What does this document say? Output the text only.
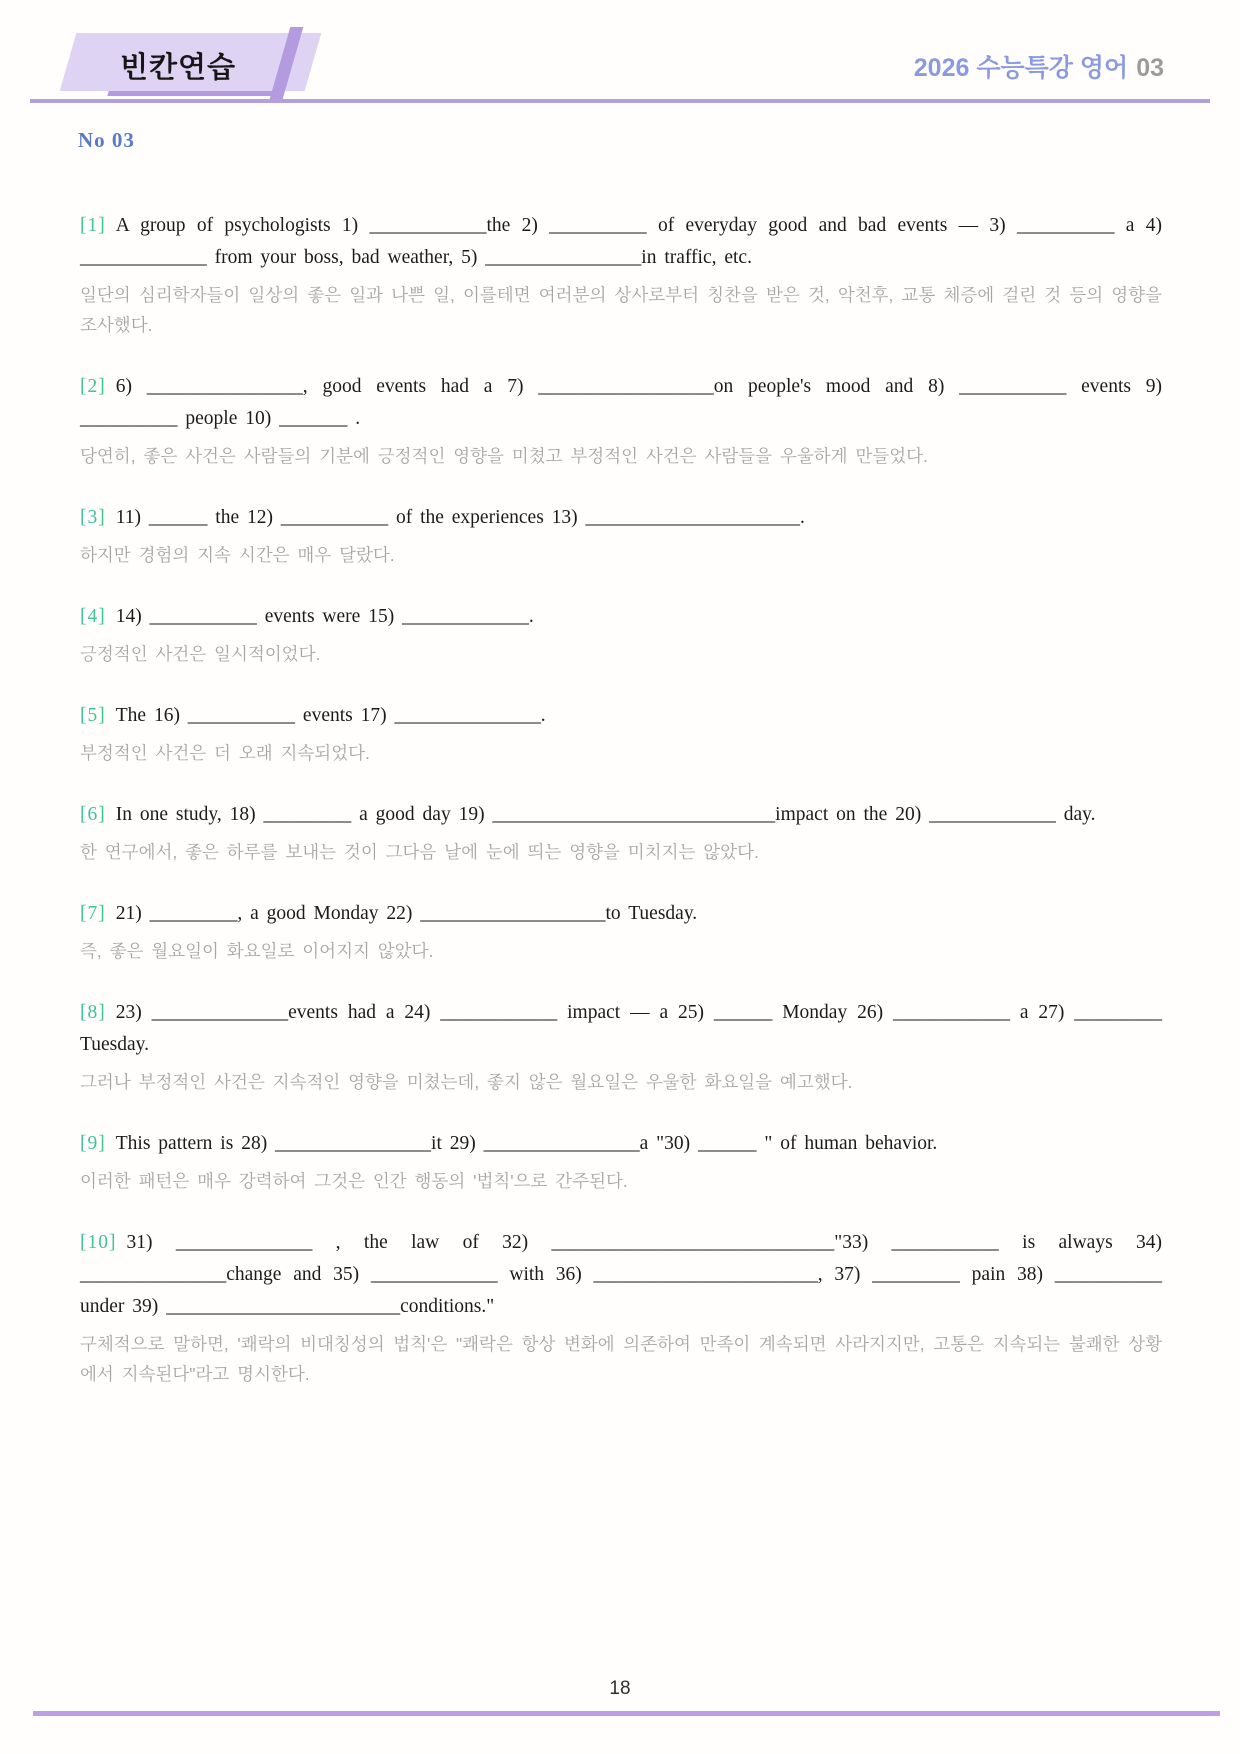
빈칸연습	2026 수능특강 영어 03
No 03

[1] A group of psychologists 1) ____________the 2) __________ of everyday good and bad events — 3) __________ a 4) _____________ from your boss, bad weather, 5) ________________in traffic, etc.

일단의 심리학자들이 일상의 좋은 일과 나쁜 일, 이를테면 여러분의 상사로부터 칭찬을 받은 것, 악천후, 교통 체증에 걸린 것 등의 영향을 조사했다.

[2] 6) ________________, good events had a 7) __________________on people's mood and 8) ___________ events 9) __________ people 10) _______ .

당연히, 좋은 사건은 사람들의 기분에 긍정적인 영향을 미쳤고 부정적인 사건은 사람들을 우울하게 만들었다.

[3] 11) ______ the 12) ___________ of the experiences 13) ______________________.

하지만 경험의 지속 시간은 매우 달랐다.

[4] 14) ___________ events were 15) _____________.

긍정적인 사건은 일시적이었다.

[5] The 16) ___________ events 17) _______________.

부정적인 사건은 더 오래 지속되었다.

[6] In one study, 18) _________ a good day 19) _____________________________impact on the 20) _____________ day.

한 연구에서, 좋은 하루를 보내는 것이 그다음 날에 눈에 띄는 영향을 미치지는 않았다.

[7] 21) _________, a good Monday 22) ___________________to Tuesday.

즉, 좋은 월요일이 화요일로 이어지지 않았다.

[8] 23) ______________events had a 24) ____________ impact — a 25) ______ Monday 26) ____________ a 27) _________ Tuesday.

그러나 부정적인 사건은 지속적인 영향을 미쳤는데, 좋지 않은 월요일은 우울한 화요일을 예고했다.

[9] This pattern is 28) ________________it 29) ________________a "30) ______ " of human behavior.

이러한 패턴은 매우 강력하여 그것은 인간 행동의 '법칙'으로 간주된다.

[10] 31) ______________ , the law of 32) _____________________________"33) ___________ is always 34) _______________change and 35) _____________ with 36) _______________________, 37) _________ pain 38) ___________ under 39) ________________________conditions."

구체적으로 말하면, '쾌락의 비대칭성의 법칙'은 "쾌락은 항상 변화에 의존하여 만족이 계속되면 사라지지만, 고통은 지속되는 불쾌한 상황에서 지속된다"라고 명시한다.

18
